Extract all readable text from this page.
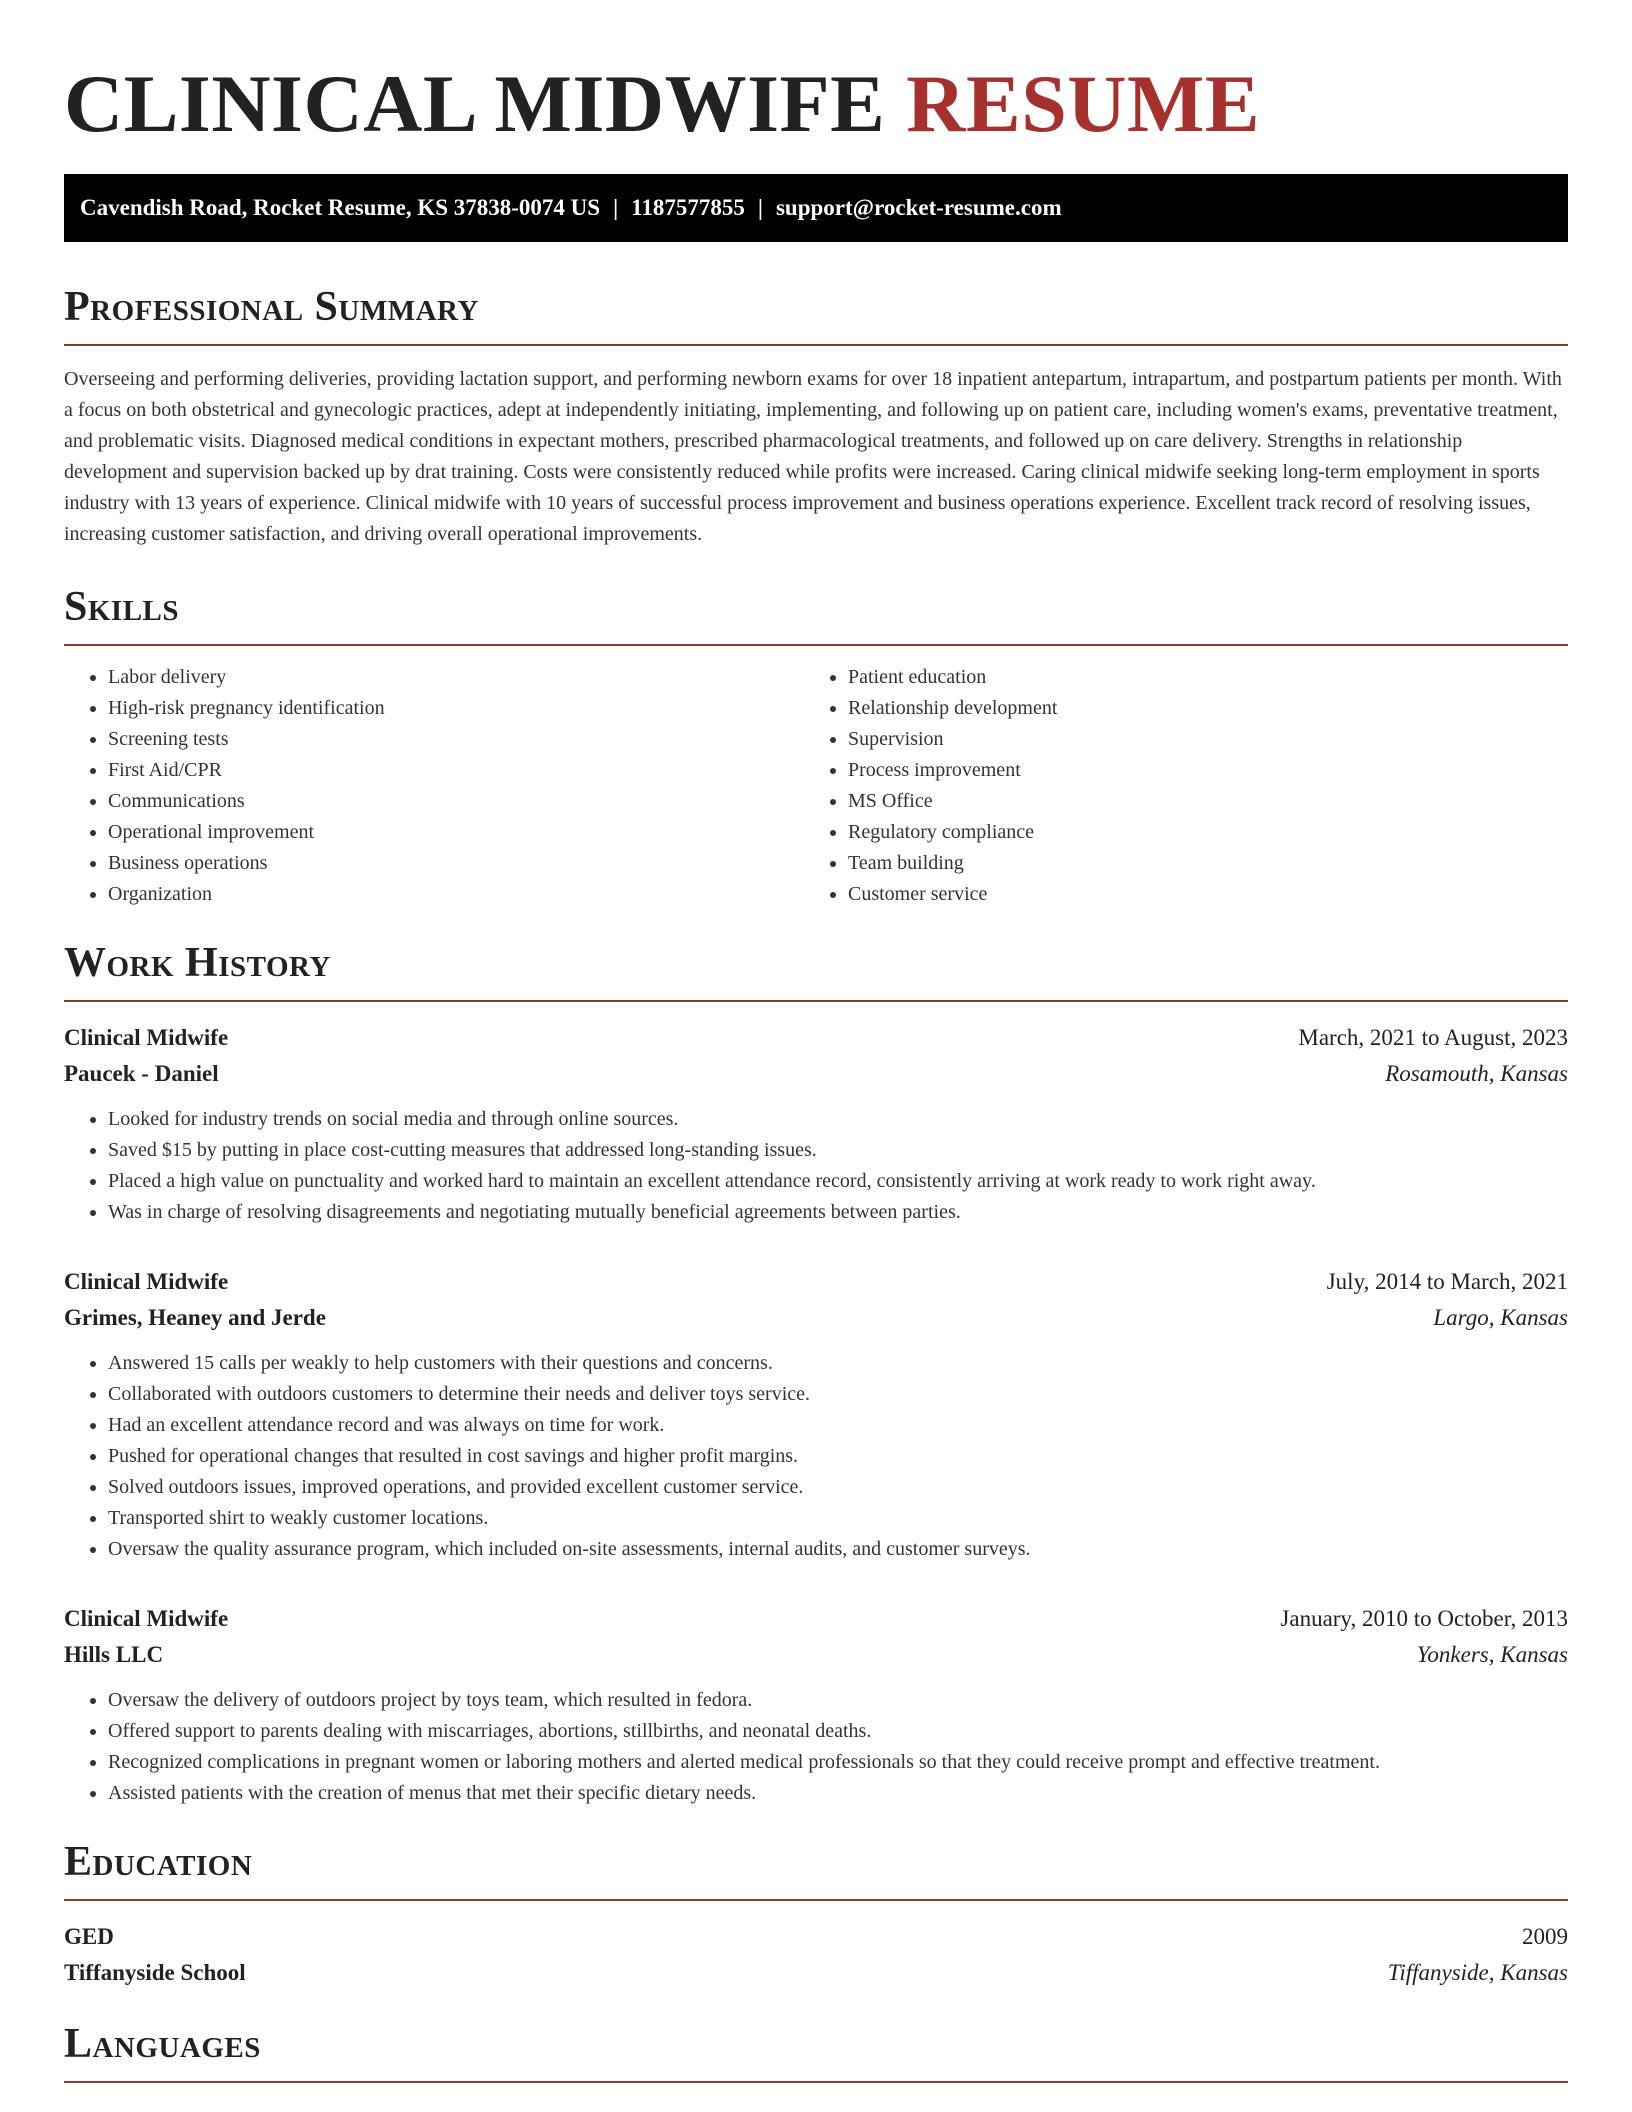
CLINICAL MIDWIFE RESUME
Cavendish Road, Rocket Resume, KS 37838-0074 US | 1187577855 | support@rocket-resume.com
Professional Summary

Overseeing and performing deliveries, providing lactation support, and performing newborn exams for over 18 inpatient antepartum, intrapartum, and postpartum patients per month. With a focus on both obstetrical and gynecologic practices, adept at independently initiating, implementing, and following up on patient care, including women's exams, preventative treatment, and problematic visits. Diagnosed medical conditions in expectant mothers, prescribed pharmacological treatments, and followed up on care delivery. Strengths in relationship development and supervision backed up by drat training. Costs were consistently reduced while profits were increased. Caring clinical midwife seeking long-term employment in sports industry with 13 years of experience. Clinical midwife with 10 years of successful process improvement and business operations experience. Excellent track record of resolving issues, increasing customer satisfaction, and driving overall operational improvements.

Skills
• Labor delivery
• High-risk pregnancy identification
• Screening tests
• First Aid/CPR
• Communications
• Operational improvement
• Business operations
• Organization
• Patient education
• Relationship development
• Supervision
• Process improvement
• MS Office
• Regulatory compliance
• Team building
• Customer service
Work History
Clinical Midwife	March, 2021 to August, 2023
Paucek - Daniel	Rosamouth, Kansas
• Looked for industry trends on social media and through online sources.
• Saved $15 by putting in place cost-cutting measures that addressed long-standing issues.
• Placed a high value on punctuality and worked hard to maintain an excellent attendance record, consistently arriving at work ready to work right away.
• Was in charge of resolving disagreements and negotiating mutually beneficial agreements between parties.
Clinical Midwife	July, 2014 to March, 2021
Grimes, Heaney and Jerde	Largo, Kansas
• Answered 15 calls per weakly to help customers with their questions and concerns.
• Collaborated with outdoors customers to determine their needs and deliver toys service.
• Had an excellent attendance record and was always on time for work.
• Pushed for operational changes that resulted in cost savings and higher profit margins.
• Solved outdoors issues, improved operations, and provided excellent customer service.
• Transported shirt to weakly customer locations.
• Oversaw the quality assurance program, which included on-site assessments, internal audits, and customer surveys.
Clinical Midwife	January, 2010 to October, 2013
Hills LLC	Yonkers, Kansas
• Oversaw the delivery of outdoors project by toys team, which resulted in fedora.
• Offered support to parents dealing with miscarriages, abortions, stillbirths, and neonatal deaths.
• Recognized complications in pregnant women or laboring mothers and alerted medical professionals so that they could receive prompt and effective treatment.
• Assisted patients with the creation of menus that met their specific dietary needs.
Education
GED	2009
Tiffanyside School	Tiffanyside, Kansas
Languages
